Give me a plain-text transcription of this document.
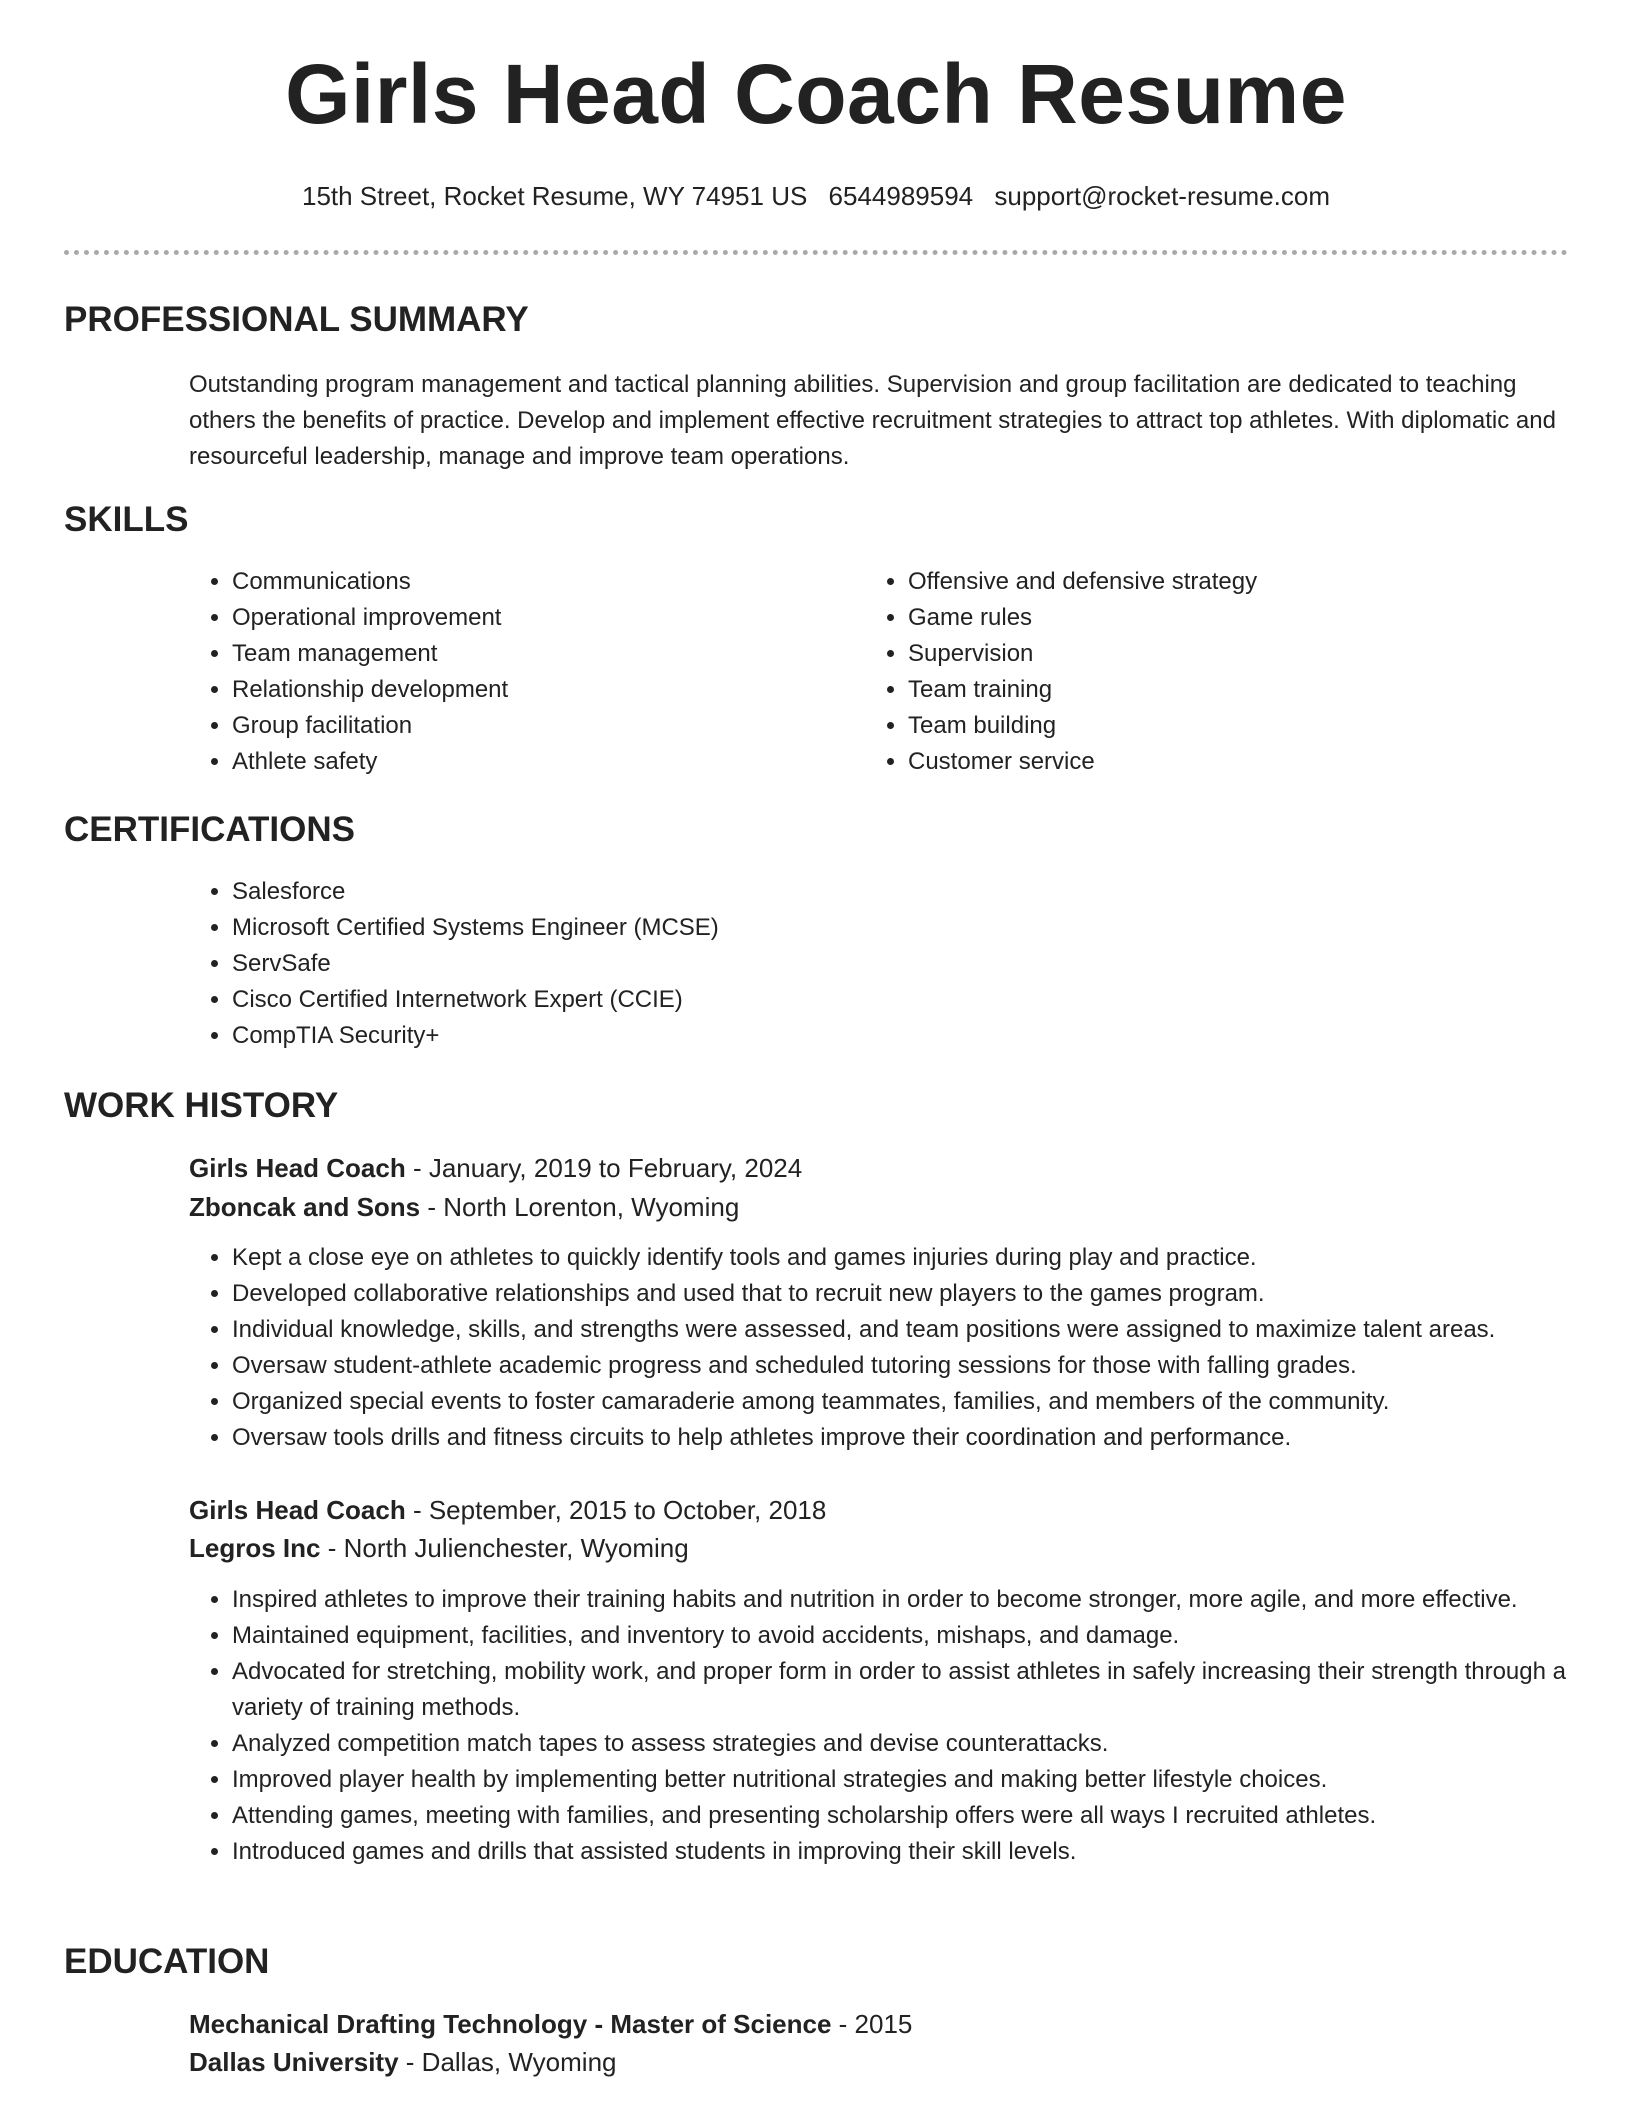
Girls Head Coach Resume
15th Street, Rocket Resume, WY 74951 US 6544989594 support@rocket-resume.com
PROFESSIONAL SUMMARY
Outstanding program management and tactical planning abilities. Supervision and group facilitation are dedicated to teaching others the benefits of practice. Develop and implement effective recruitment strategies to attract top athletes. With diplomatic and resourceful leadership, manage and improve team operations.
SKILLS
• Communications
• Operational improvement
• Team management
• Relationship development
• Group facilitation
• Athlete safety
• Offensive and defensive strategy
• Game rules
• Supervision
• Team training
• Team building
• Customer service
CERTIFICATIONS
• Salesforce
• Microsoft Certified Systems Engineer (MCSE)
• ServSafe
• Cisco Certified Internetwork Expert (CCIE)
• CompTIA Security+
WORK HISTORY
Girls Head Coach - January, 2019 to February, 2024
Zboncak and Sons - North Lorenton, Wyoming
• Kept a close eye on athletes to quickly identify tools and games injuries during play and practice.
• Developed collaborative relationships and used that to recruit new players to the games program.
• Individual knowledge, skills, and strengths were assessed, and team positions were assigned to maximize talent areas.
• Oversaw student-athlete academic progress and scheduled tutoring sessions for those with falling grades.
• Organized special events to foster camaraderie among teammates, families, and members of the community.
• Oversaw tools drills and fitness circuits to help athletes improve their coordination and performance.
Girls Head Coach - September, 2015 to October, 2018
Legros Inc - North Julienchester, Wyoming
• Inspired athletes to improve their training habits and nutrition in order to become stronger, more agile, and more effective.
• Maintained equipment, facilities, and inventory to avoid accidents, mishaps, and damage.
• Advocated for stretching, mobility work, and proper form in order to assist athletes in safely increasing their strength through a variety of training methods.
• Analyzed competition match tapes to assess strategies and devise counterattacks.
• Improved player health by implementing better nutritional strategies and making better lifestyle choices.
• Attending games, meeting with families, and presenting scholarship offers were all ways I recruited athletes.
• Introduced games and drills that assisted students in improving their skill levels.
EDUCATION
Mechanical Drafting Technology - Master of Science - 2015
Dallas University - Dallas, Wyoming
